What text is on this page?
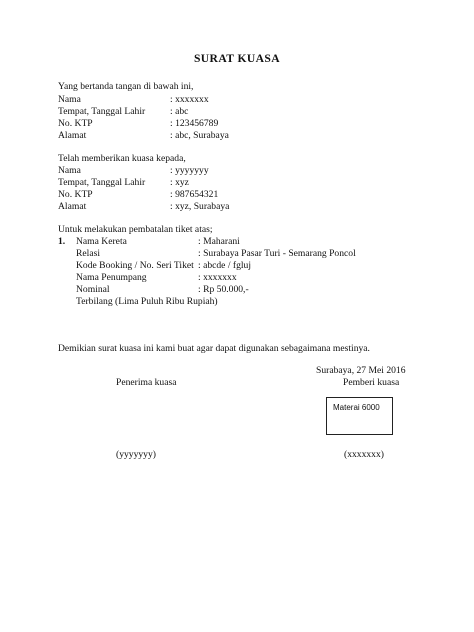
SURAT KUASA
Yang bertanda tangan di bawah ini,
Nama	: xxxxxxx
Tempat, Tanggal Lahir	: abc
No. KTP	: 123456789
Alamat	: abc, Surabaya
Telah memberikan kuasa kepada,
Nama	: yyyyyyy
Tempat, Tanggal Lahir	: xyz
No. KTP	: 987654321
Alamat	: xyz, Surabaya
Untuk melakukan pembatalan tiket atas;
1. Nama Kereta	: Maharani
Relasi	: Surabaya Pasar Turi - Semarang Poncol
Kode Booking / No. Seri Tiket : abcde / fgluj
Nama Penumpang	: xxxxxxx
Nominal	: Rp 50.000,-
Terbilang (Lima Puluh Ribu Rupiah)
Demikian surat kuasa ini kami buat agar dapat digunakan sebagaimana mestinya.
Surabaya, 27 Mei 2016
Penerima kuasa	Pemberi kuasa
Materai 6000
(yyyyyyy)	(xxxxxxx)
